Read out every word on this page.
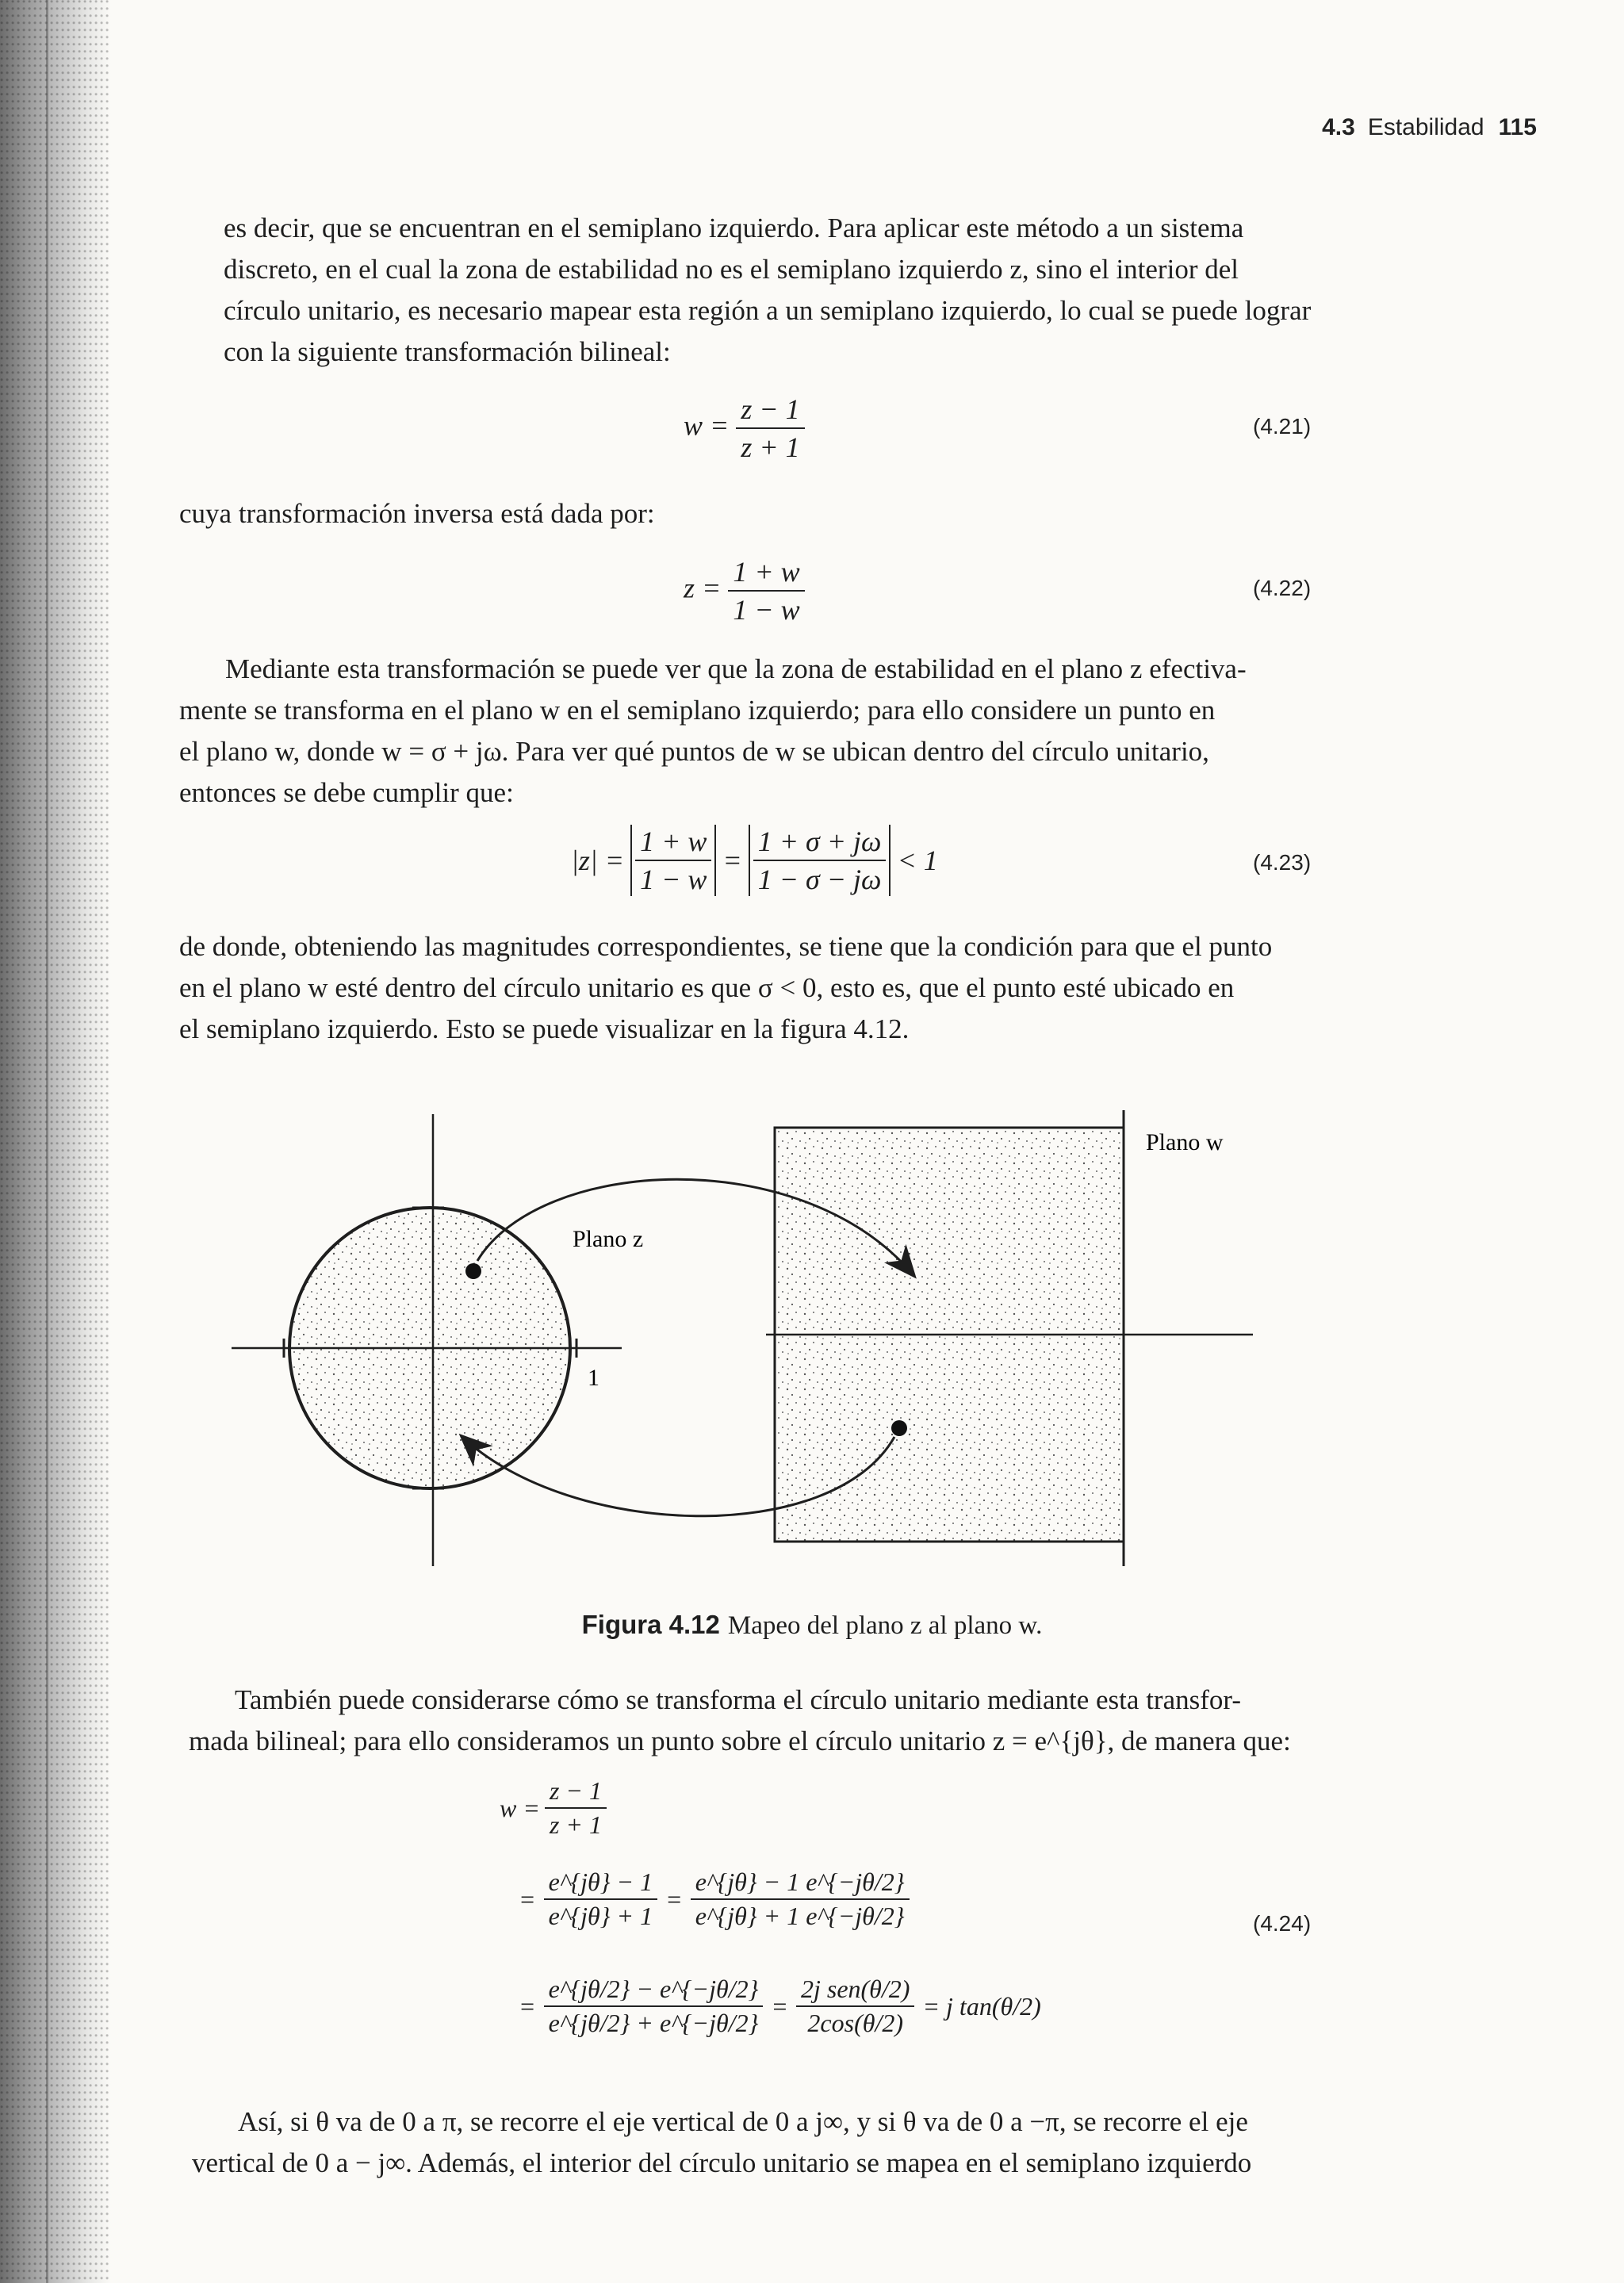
4.3 Estabilidad 115
es decir, que se encuentran en el semiplano izquierdo. Para aplicar este método a un sistema
discreto, en el cual la zona de estabilidad no es el semiplano izquierdo z, sino el interior del
círculo unitario, es necesario mapear esta región a un semiplano izquierdo, lo cual se puede lograr
con la siguiente transformación bilineal:
$w = \frac{z - 1}{z + 1}$	(4.21)
cuya transformación inversa está dada por:
$z = \frac{1 + w}{1 - w}$	(4.22)
Mediante esta transformación se puede ver que la zona de estabilidad en el plano z efectiva-
mente se transforma en el plano w en el semiplano izquierdo; para ello considere un punto en
el plano w, donde w = σ + jω. Para ver qué puntos de w se ubican dentro del círculo unitario,
entonces se debe cumplir que:
$|z| = \frac{1 + w}{1 - w} = \frac{1 + \sigma + j\omega}{1 - \sigma - j\omega} < 1$	(4.23)
de donde, obteniendo las magnitudes correspondientes, se tiene que la condición para que el punto
en el plano w esté dentro del círculo unitario es que σ < 0, esto es, que el punto esté ubicado en
el semiplano izquierdo. Esto se puede visualizar en la figura 4.12.
1
Plano z
Plano w
Figura 4.12 Mapeo del plano z al plano w.
También puede considerarse cómo se transforma el círculo unitario mediante esta transfor-
mada bilineal; para ello consideramos un punto sobre el círculo unitario z = e^{jθ}, de manera que:
$w = \frac{z - 1}{z + 1}$
= $\frac{e\^{}\{j\theta\} - 1}{e\^{}\{j\theta\} + 1} = \frac{e\^{}\{j\theta\} - 1 e\^{}\{-j\theta/2\}}{e\^{}\{j\theta\} + 1 e\^{}\{-j\theta/2\}}$
= $\frac{e\^{}\{j\theta/2\} - e\^{}\{-j\theta/2\}}{e\^{}\{j\theta/2\} + e\^{}\{-j\theta/2\}} = \frac{\text{2j sen(θ/2)}}{2\cos(\theta/2)} = j$ tan(θ/2)
(4.24)
Así, si θ va de 0 a π, se recorre el eje vertical de 0 a j∞, y si θ va de 0 a −π, se recorre el eje
vertical de 0 a − j∞. Además, el interior del círculo unitario se mapea en el semiplano izquierdo
